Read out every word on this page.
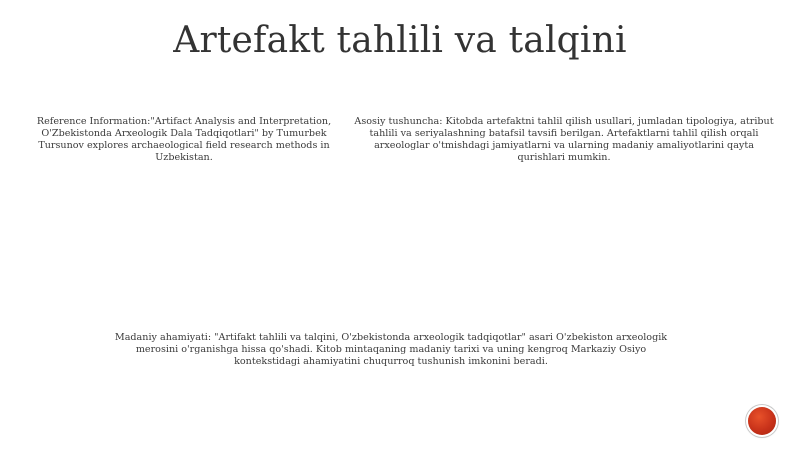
Artefakt tahlili va talqini
Reference Information:"Artifact Analysis and Interpretation, O'Zbekistonda Arxeologik Dala Tadqiqotlari" by Tumurbek Tursunov explores archaeological field research methods in Uzbekistan.
Asosiy tushuncha: Kitobda artefaktni tahlil qilish usullari, jumladan tipologiya, atribut tahlili va seriyalashning batafsil tavsifi berilgan. Artefaktlarni tahlil qilish orqali arxeologlar o'tmishdagi jamiyatlarni va ularning madaniy amaliyotlarini qayta qurishlari mumkin.
Madaniy ahamiyati: "Artifakt tahlili va talqini, O'zbekistonda arxeologik tadqiqotlar" asari O'zbekiston arxeologik merosini o'rganishga hissa qo'shadi. Kitob mintaqaning madaniy tarixi va uning kengroq Markaziy Osiyo kontekstidagi ahamiyatini chuqurroq tushunish imkonini beradi.
